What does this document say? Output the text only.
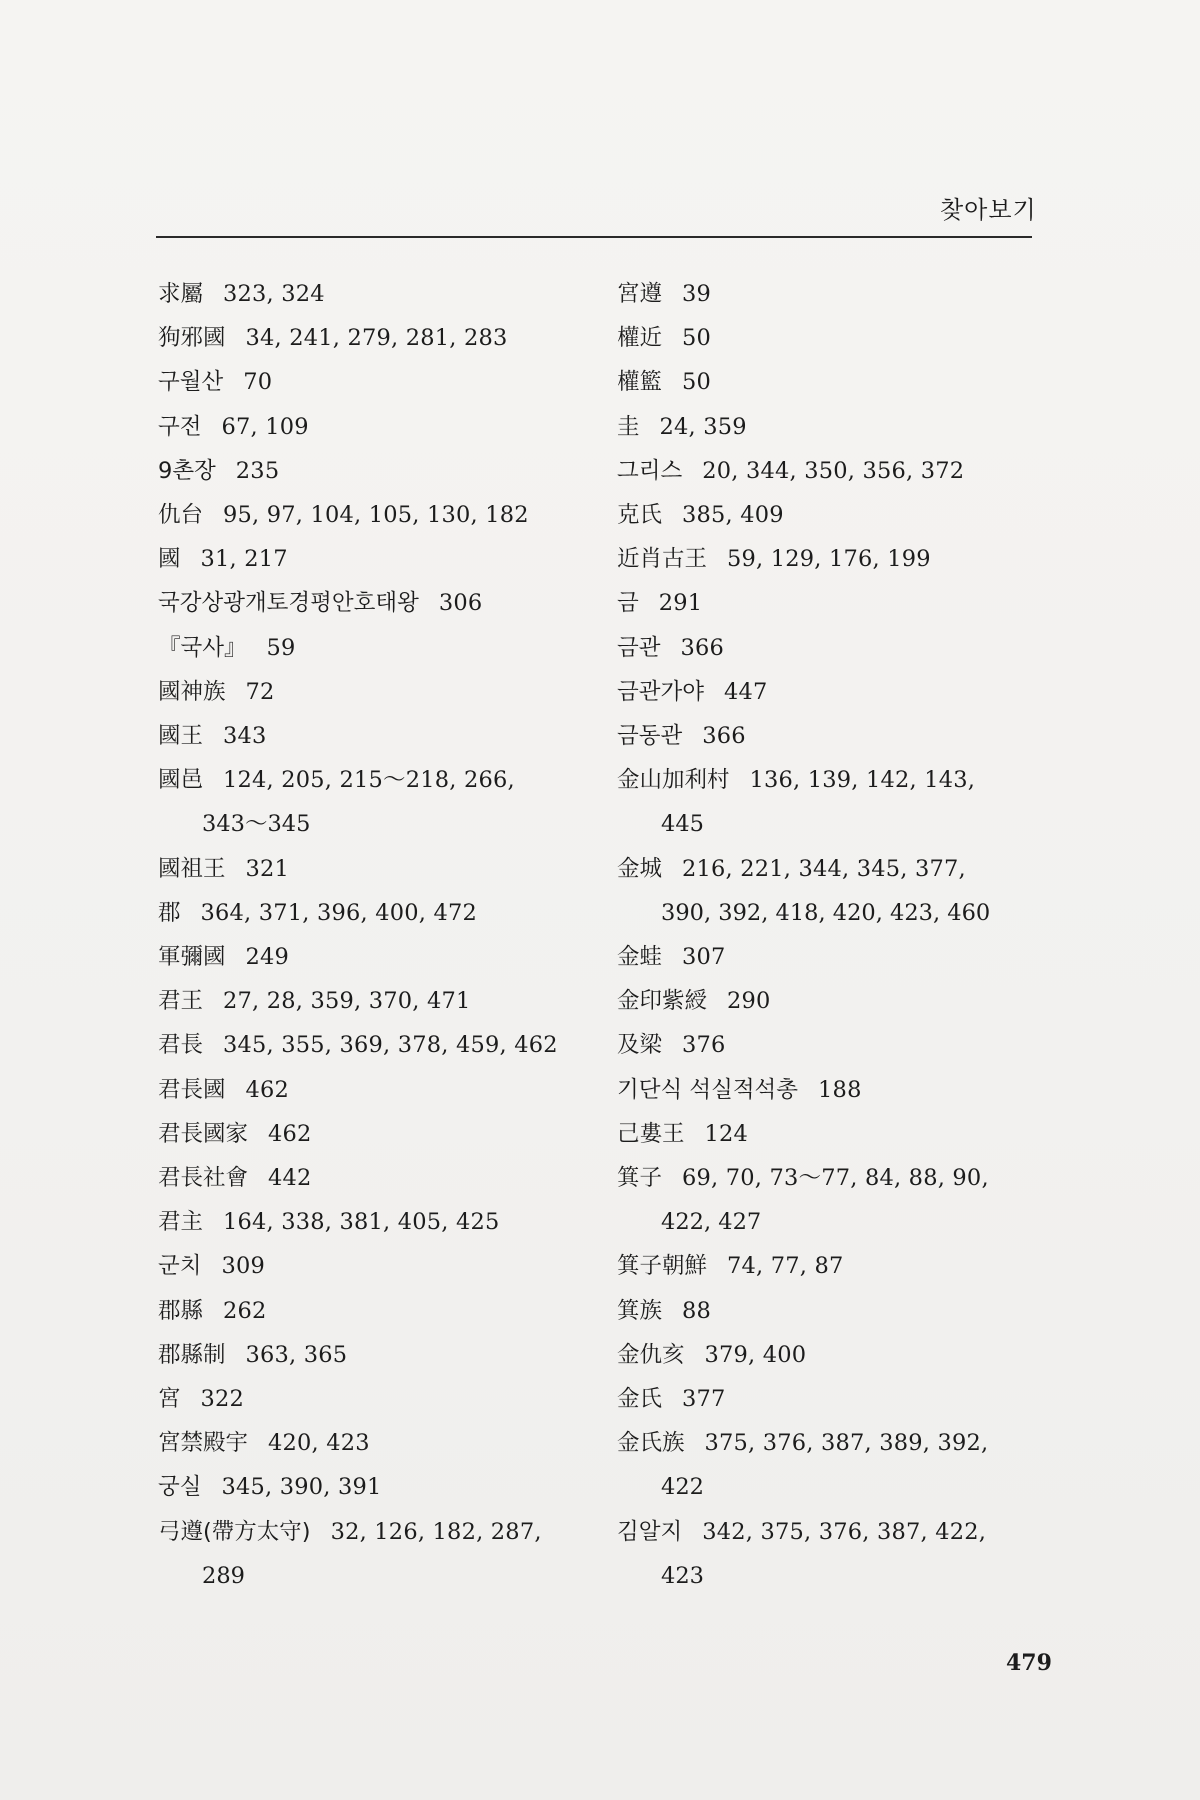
찾아보기
求屬 323, 324
狗邪國 34, 241, 279, 281, 283
구월산 70
구전 67, 109
9촌장 235
仇台 95, 97, 104, 105, 130, 182
國 31, 217
국강상광개토경평안호태왕 306
『국사』 59
國神族 72
國王 343
國邑 124, 205, 215～218, 266,
343～345
國祖王 321
郡 364, 371, 396, 400, 472
軍彌國 249
君王 27, 28, 359, 370, 471
君長 345, 355, 369, 378, 459, 462
君長國 462
君長國家 462
君長社會 442
君主 164, 338, 381, 405, 425
군치 309
郡縣 262
郡縣制 363, 365
宮 322
宮禁殿宇 420, 423
궁실 345, 390, 391
弓遵(帶方太守) 32, 126, 182, 287,
289
宮遵 39
權近 50
權籃 50
圭 24, 359
그리스 20, 344, 350, 356, 372
克氏 385, 409
近肖古王 59, 129, 176, 199
금 291
금관 366
금관가야 447
금동관 366
金山加利村 136, 139, 142, 143,
445
金城 216, 221, 344, 345, 377,
390, 392, 418, 420, 423, 460
金蛙 307
金印紫綬 290
及梁 376
기단식 석실적석총 188
己婁王 124
箕子 69, 70, 73～77, 84, 88, 90,
422, 427
箕子朝鮮 74, 77, 87
箕族 88
金仇亥 379, 400
金氏 377
金氏族 375, 376, 387, 389, 392,
422
김알지 342, 375, 376, 387, 422,
423
479
